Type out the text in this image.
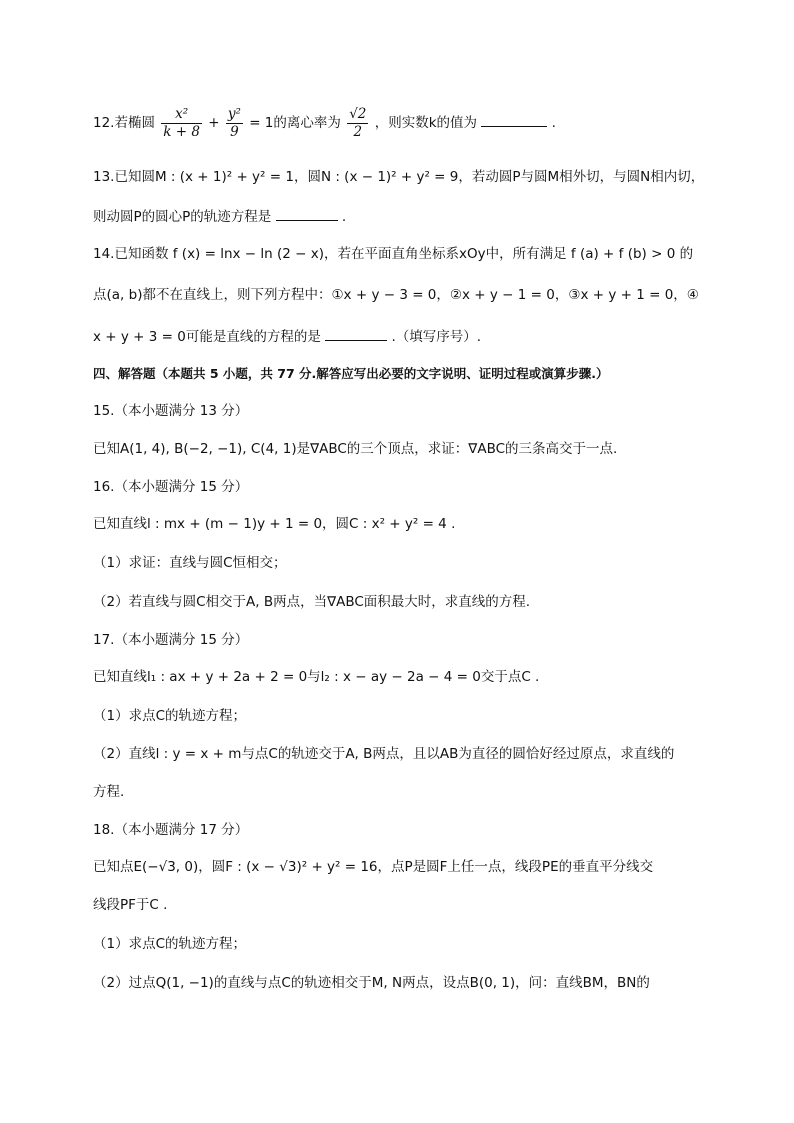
12.若椭圆 $\frac{\text{x²}}{k + 8} + \frac{\text{y²}}{9} = 1$的离心率为 $\frac{√2}{2}$ ，则实数k的值为	.
13.已知圆M : (x + 1)² + y² = 1，圆N : (x − 1)² + y² = 9，若动圆P与圆M相外切，与圆N相内切，
则动圆P的圆心P的轨迹方程是	.
14.已知函数 f (x) = lnx − ln (2 − x)，若在平面直角坐标系xOy中，所有满足 f (a) + f (b) > 0 的
点(a, b)都不在直线上，则下列方程中：①x + y − 3 = 0，②x + y − 1 = 0，③x + y + 1 = 0，④
x + y + 3 = 0可能是直线的方程的是	.（填写序号）.
四、解答题（本题共 5 小题，共 77 分.解答应写出必要的文字说明、证明过程或演算步骤.）
15.（本小题满分 13 分）
已知A(1, 4), B(−2, −1), C(4, 1)是∇ABC的三个顶点，求证：∇ABC的三条高交于一点.
16.（本小题满分 15 分）
已知直线l : mx + (m − 1)y + 1 = 0，圆C : x² + y² = 4 .
（1）求证：直线与圆C恒相交；
（2）若直线与圆C相交于A, B两点，当∇ABC面积最大时，求直线的方程.
17.（本小题满分 15 分）
已知直线l₁ : ax + y + 2a + 2 = 0与l₂ : x − ay − 2a − 4 = 0交于点C .
（1）求点C的轨迹方程；
（2）直线l : y = x + m与点C的轨迹交于A, B两点，且以AB为直径的圆恰好经过原点，求直线的
方程.
18.（本小题满分 17 分）
已知点E(−√3, 0)，圆F : (x − √3)² + y² = 16，点P是圆F上任一点，线段PE的垂直平分线交
线段PF于C .
（1）求点C的轨迹方程；
（2）过点Q(1, −1)的直线与点C的轨迹相交于M, N两点，设点B(0, 1)，问：直线BM，BN的
